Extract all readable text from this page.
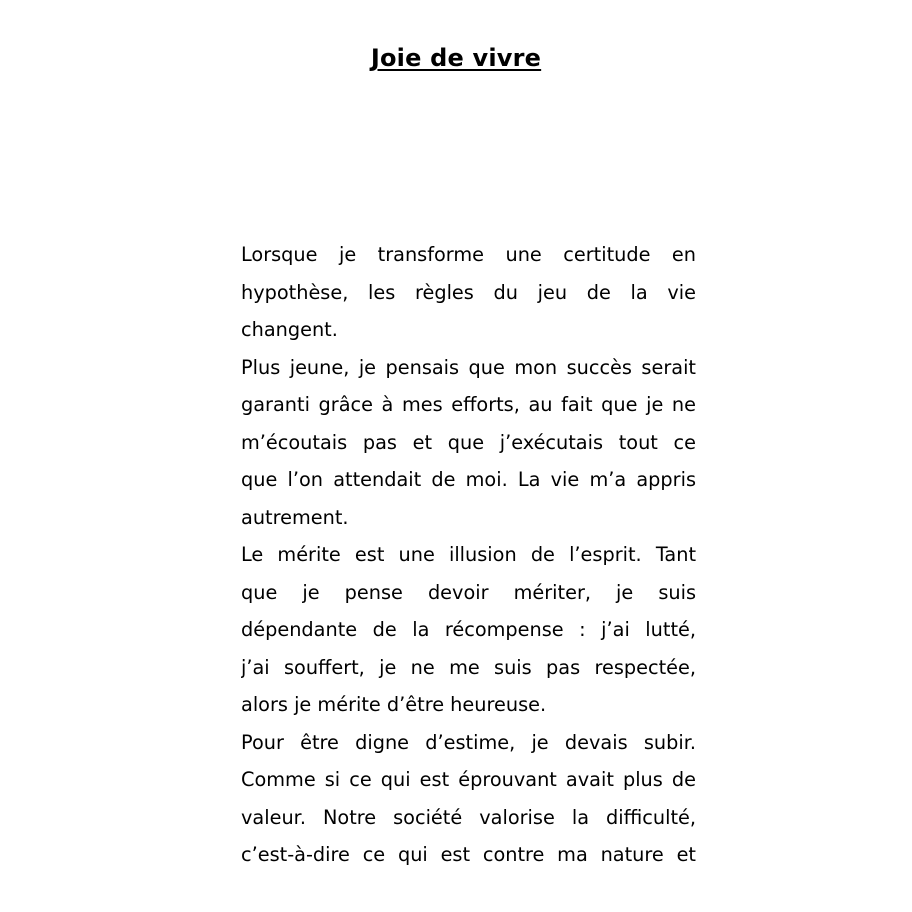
Joie de vivre

Lorsque je transforme une certitude en
hypothèse, les règles du jeu de la vie
changent.

Plus jeune, je pensais que mon succès serait
garanti grâce à mes efforts, au fait que je ne
m’écoutais pas et que j’exécutais tout ce
que l’on attendait de moi. La vie m’a appris
autrement.

Le mérite est une illusion de l’esprit. Tant
que je pense devoir mériter, je suis
dépendante de la récompense : j’ai lutté,
j’ai souffert, je ne me suis pas respectée,
alors je mérite d’être heureuse.

Pour être digne d’estime, je devais subir.
Comme si ce qui est éprouvant avait plus de
valeur. Notre société valorise la difficulté,
c’est-à-dire ce qui est contre ma nature et
